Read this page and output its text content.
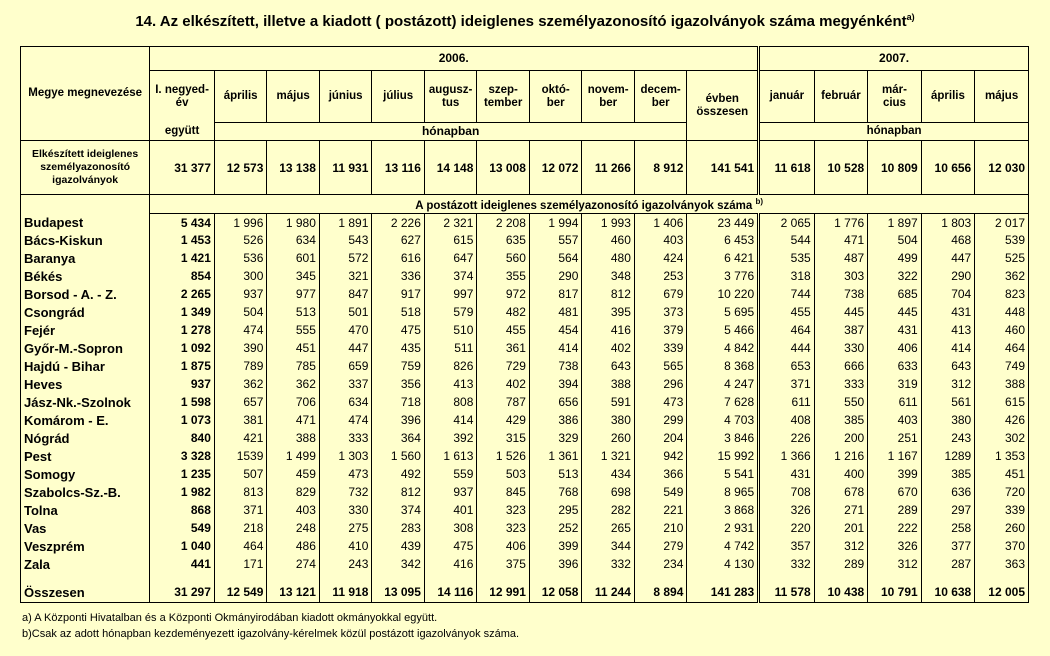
14. Az elkészített, illetve a kiadott ( postázott) ideiglenes személyazonosító igazolványok száma megyénként$^{a)}$
Megye megnevezése	2006.											2007.				
	I. negyed-év	április	május	június	július	augusz-tus	szep-tember	októ-ber	novem-ber	decem-ber	évben összesen	január	február	már-cius	április	május
	együtt	hónapban										hónapban				
Elkészített ideiglenes személyazonosító igazolványok	31 377	12 573	13 138	11 931	13 116	14 148	13 008	12 072	11 266	8 912	141 541	11 618	10 528	10 809	10 656	12 030
	A postázott ideiglenes személyazonosító igazolványok száma $^{b)}$
Budapest	5 434	1 996	1 980	1 891	2 226	2 321	2 208	1 994	1 993	1 406	23 449	2 065	1 776	1 897	1 803	2 017
Bács-Kiskun	1 453	526	634	543	627	615	635	557	460	403	6 453	544	471	504	468	539
Baranya	1 421	536	601	572	616	647	560	564	480	424	6 421	535	487	499	447	525
Békés	854	300	345	321	336	374	355	290	348	253	3 776	318	303	322	290	362
Borsod - A. - Z.	2 265	937	977	847	917	997	972	817	812	679	10 220	744	738	685	704	823
Csongrád	1 349	504	513	501	518	579	482	481	395	373	5 695	455	445	445	431	448
Fejér	1 278	474	555	470	475	510	455	454	416	379	5 466	464	387	431	413	460
Győr-M.-Sopron	1 092	390	451	447	435	511	361	414	402	339	4 842	444	330	406	414	464
Hajdú - Bihar	1 875	789	785	659	759	826	729	738	643	565	8 368	653	666	633	643	749
Heves	937	362	362	337	356	413	402	394	388	296	4 247	371	333	319	312	388
Jász-Nk.-Szolnok	1 598	657	706	634	718	808	787	656	591	473	7 628	611	550	611	561	615
Komárom - E.	1 073	381	471	474	396	414	429	386	380	299	4 703	408	385	403	380	426
Nógrád	840	421	388	333	364	392	315	329	260	204	3 846	226	200	251	243	302
Pest	3 328	1539	1 499	1 303	1 560	1 613	1 526	1 361	1 321	942	15 992	1 366	1 216	1 167	1289	1 353
Somogy	1 235	507	459	473	492	559	503	513	434	366	5 541	431	400	399	385	451
Szabolcs-Sz.-B.	1 982	813	829	732	812	937	845	768	698	549	8 965	708	678	670	636	720
Tolna	868	371	403	330	374	401	323	295	282	221	3 868	326	271	289	297	339
Vas	549	218	248	275	283	308	323	252	265	210	2 931	220	201	222	258	260
Veszprém	1 040	464	486	410	439	475	406	399	344	279	4 742	357	312	326	377	370
Zala	441	171	274	243	342	416	375	396	332	234	4 130	332	289	312	287	363

Összesen	31 297	12 549	13 121	11 918	13 095	14 116	12 991	12 058	11 244	8 894	141 283	11 578	10 438	10 791	10 638	12 005
a) A Központi Hivatalban és a Központi Okmányirodában kiadott okmányokkal együtt.
b)Csak az adott hónapban kezdeményezett igazolvány-kérelmek közül postázott igazolványok száma.
